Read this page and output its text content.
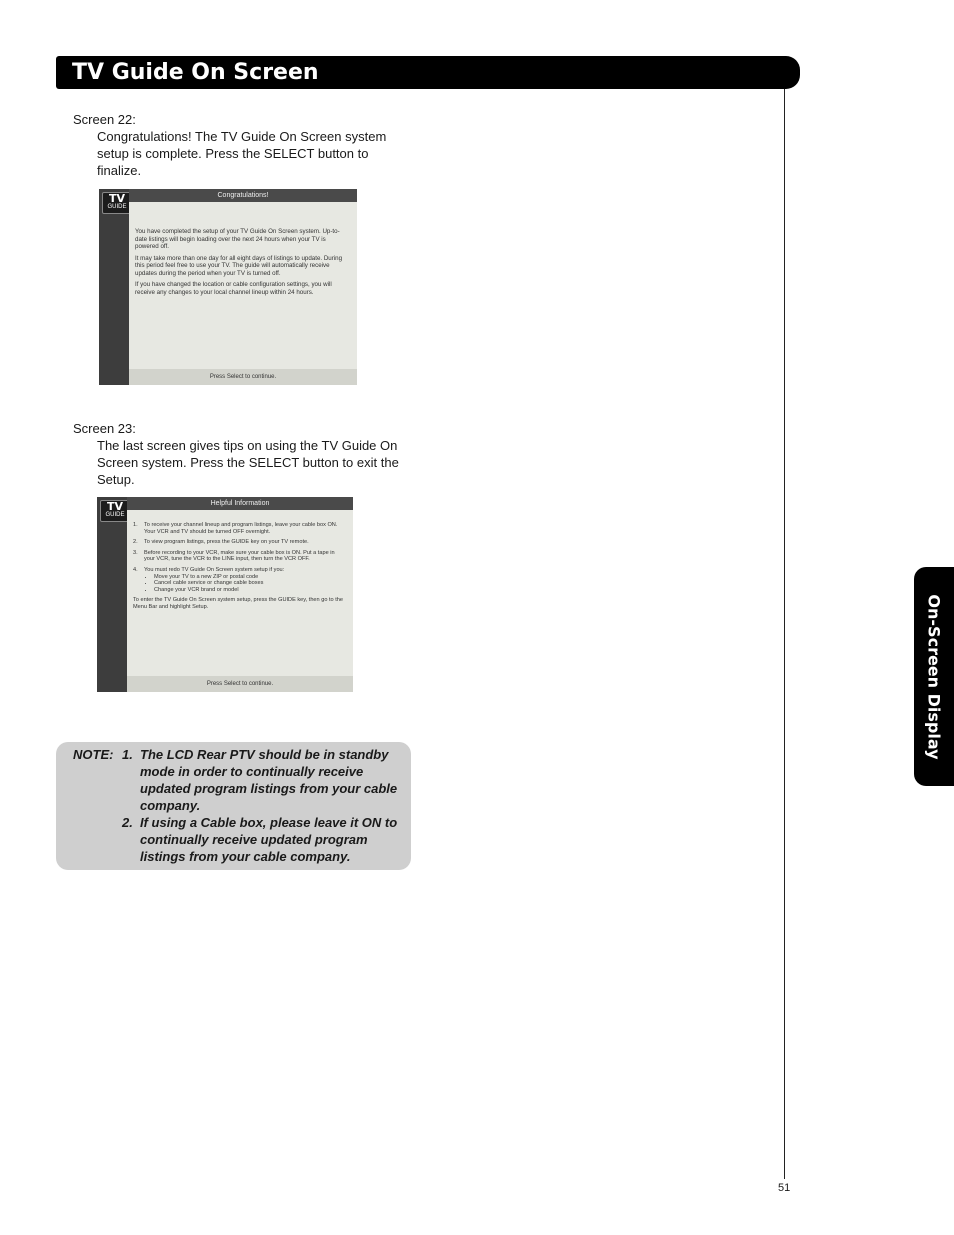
TV Guide On Screen
On-Screen Display
Screen 22:
Congratulations! The TV Guide On Screen system setup is complete. Press the SELECT button to finalize.
TV
GUIDE
Congratulations!

You have completed the setup of your TV Guide On Screen system. Up-to-date listings will begin loading over the next 24 hours when your TV is powered off.

It may take more than one day for all eight days of listings to update. During this period feel free to use your TV. The guide will automatically receive updates during the period when your TV is turned off.

If you have changed the location or cable configuration settings, you will receive any changes to your local channel lineup within 24 hours.

Press Select to continue.
Screen 23:
The last screen gives tips on using the TV Guide On Screen system. Press the SELECT button to exit the Setup.
TV
GUIDE
Helpful Information
1.	To receive your channel lineup and program listings, leave your cable box ON. Your VCR and TV should be turned OFF overnight.
2.	To view program listings, press the GUIDE key on your TV remote.
3.	Before recording to your VCR, make sure your cable box is ON. Put a tape in your VCR, tune the VCR to the LINE input, then turn the VCR OFF.
4.	You must redo TV Guide On Screen system setup if you:
• Move your TV to a new ZIP or postal code
• Cancel cable service or change cable boxes
• Change your VCR brand or model

To enter the TV Guide On Screen system setup, press the GUIDE key, then go to the Menu Bar and highlight Setup.

Press Select to continue.
NOTE: 1. The LCD Rear PTV should be in standby mode in order to continually receive updated program listings from your cable company.
2. If using a Cable box, please leave it ON to continually receive updated program listings from your cable company.
51
